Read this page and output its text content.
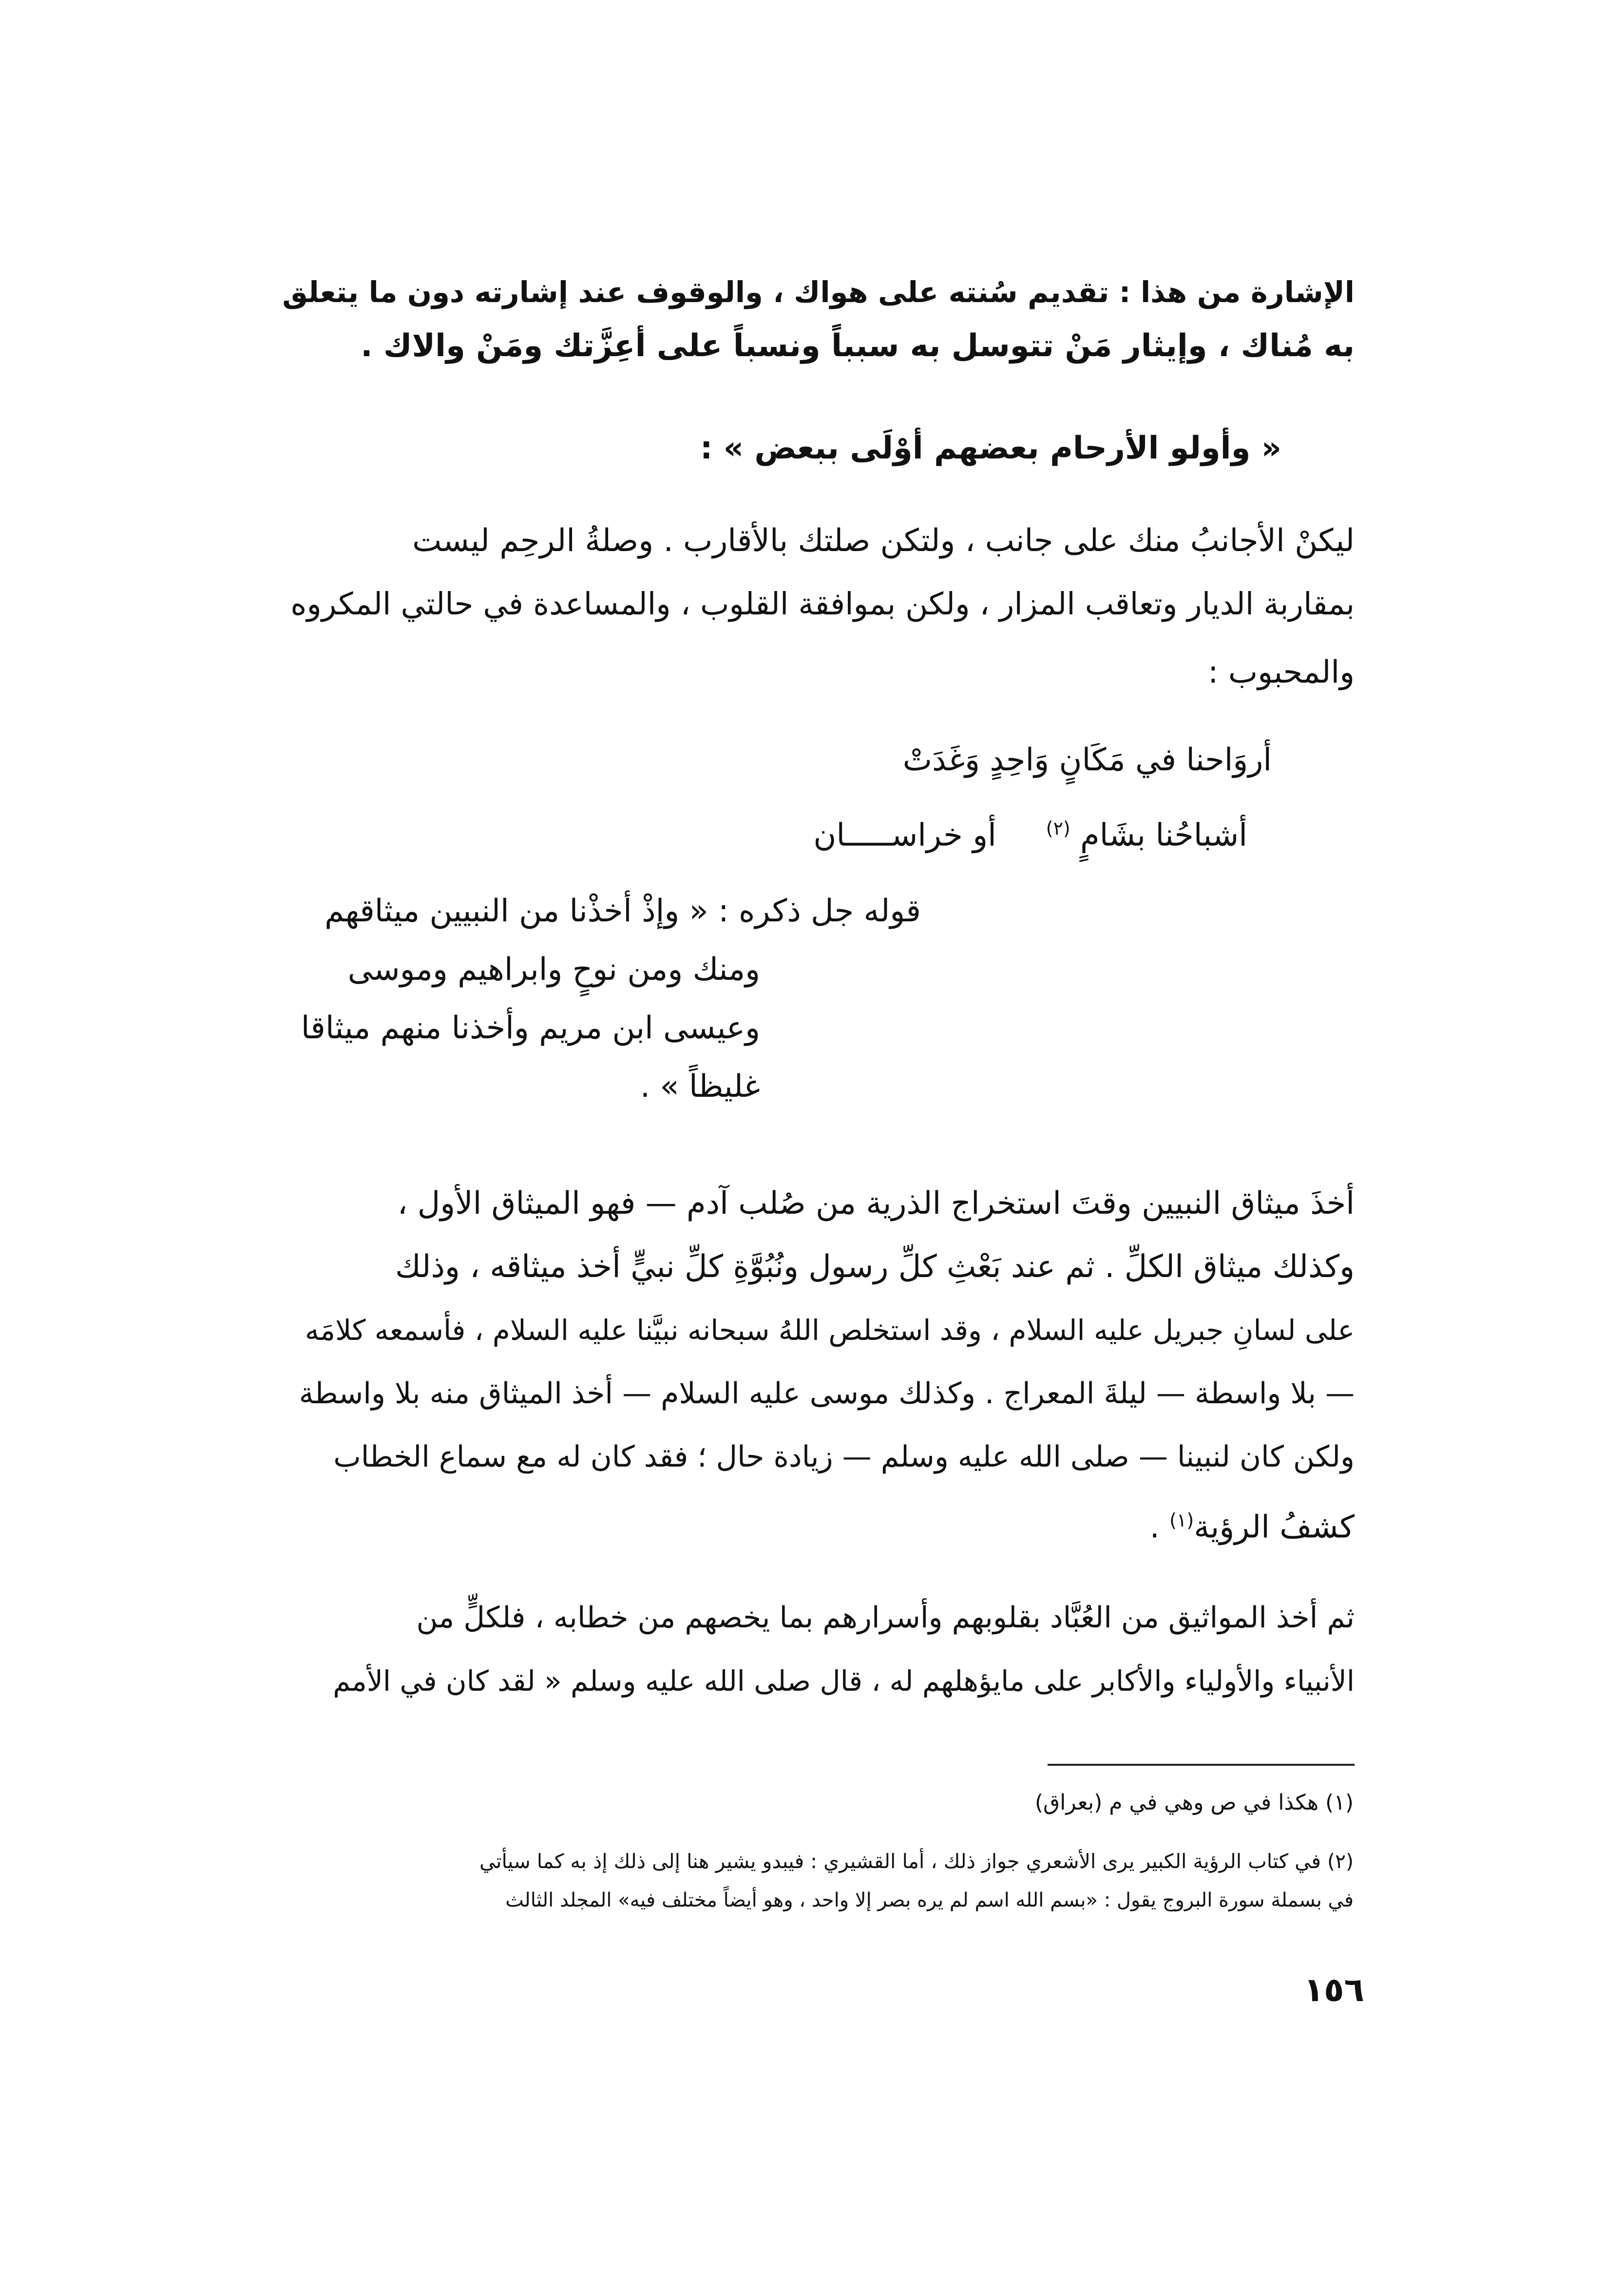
الإشارة من هذا : تقديم سُنته على هواك ، والوقوف عند إشارته دون ما يتعلق
به مُناك ، وإيثار مَنْ تتوسل به سبباً ونسباً على أعِزَّتك ومَنْ والاك .
« وأولو الأرحام بعضهم أوْلَى ببعض » :
ليكنْ الأجانبُ منك على جانب ، ولتكن صلتك بالأقارب . وصلةُ الرحِم ليست
بمقاربة الديار وتعاقب المزار ، ولكن بموافقة القلوب ، والمساعدة في حالتي المكروه
والمحبوب :
أروَاحنا في مَكَانٍ وَاحِدٍ وَغَدَتْ
أشباحُنا بشَامٍ $^{(٢)}$     أو خراســـــان
قوله جل ذكره : « وإذْ أخذْنا من النبيين ميثاقهم
ومنك ومن نوحٍ وابراهيم وموسى
وعيسى ابن مريم وأخذنا منهم ميثاقا
غليظاً » .
أخذَ ميثاق النبيين وقتَ استخراج الذرية من صُلب آدم — فهو الميثاق الأول ،
وكذلك ميثاق الكلِّ . ثم عند بَعْثِ كلِّ رسول ونُبُوَّةِ كلِّ نبيٍّ أخذ ميثاقه ، وذلك
على لسانِ جبريل عليه السلام ، وقد استخلص اللهُ سبحانه نبيَّنا عليه السلام ، فأسمعه كلامَه
— بلا واسطة — ليلةَ المعراج . وكذلك موسى عليه السلام — أخذ الميثاق منه بلا واسطة
ولكن كان لنبينا — صلى الله عليه وسلم — زيادة حال ؛ فقد كان له مع سماع الخطاب
كشفُ الرؤية$^{(١)}$ .
ثم أخذ المواثيق من العُبَّاد بقلوبهم وأسرارهم بما يخصهم من خطابه ، فلكلٍّ من
الأنبياء والأولياء والأكابر على مايؤهلهم له ، قال صلى الله عليه وسلم « لقد كان في الأمم
(١) هكذا في ص وهي في م (بعراق)
(٢) في كتاب الرؤية الكبير يرى الأشعري جواز ذلك ، أما القشيري : فيبدو يشير هنا إلى ذلك إذ به كما سيأتي
في بسملة سورة البروج يقول : «بسم الله اسم لم يره بصر إلا واحد ، وهو أيضاً مختلف فيه» المجلد الثالث
١٥٦
